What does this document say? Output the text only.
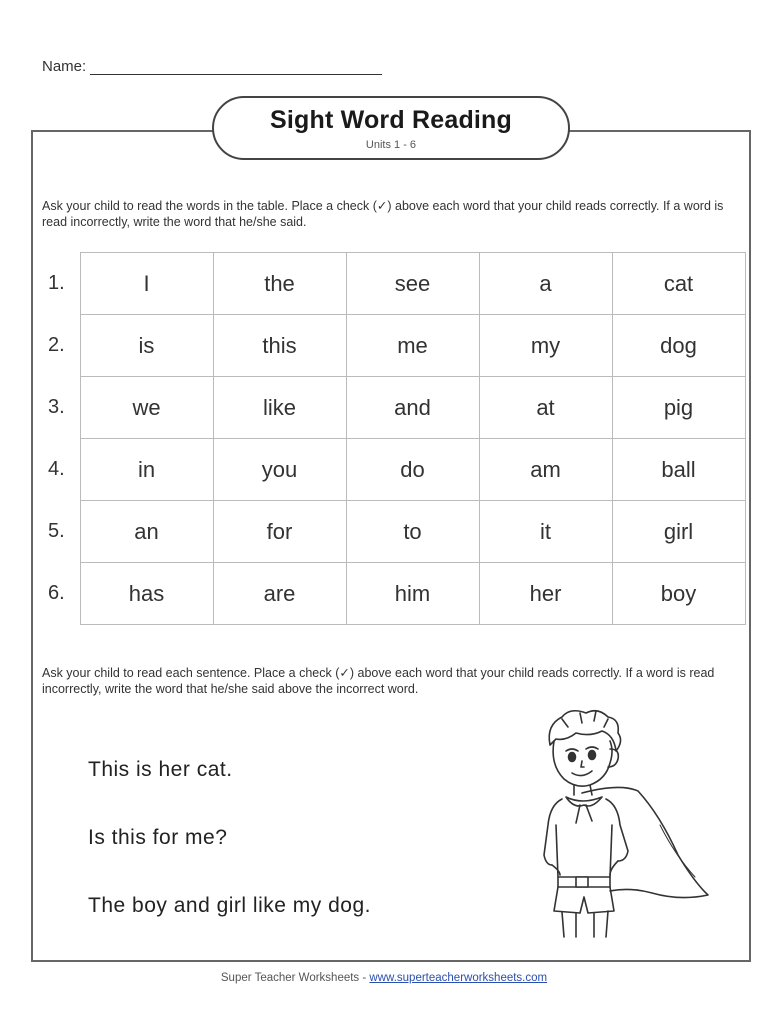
Name:
Sight Word Reading
Units 1 - 6

Ask your child to read the words in the table. Place a check (✓) above each word that your child reads correctly. If a word is read incorrectly, write the word that he/she said.

1.	I	the	see	a	cat
2.	is	this	me	my	dog
3.	we	like	and	at	pig
4.	in	you	do	am	ball
5.	an	for	to	it	girl
6.	has	are	him	her	boy

Ask your child to read each sentence. Place a check (✓) above each word that your child reads correctly. If a word is read incorrectly, write the word that he/she said above the incorrect word.

This is her cat.
Is this for me?
The boy and girl like my dog.
Super Teacher Worksheets - www.superteacherworksheets.com
